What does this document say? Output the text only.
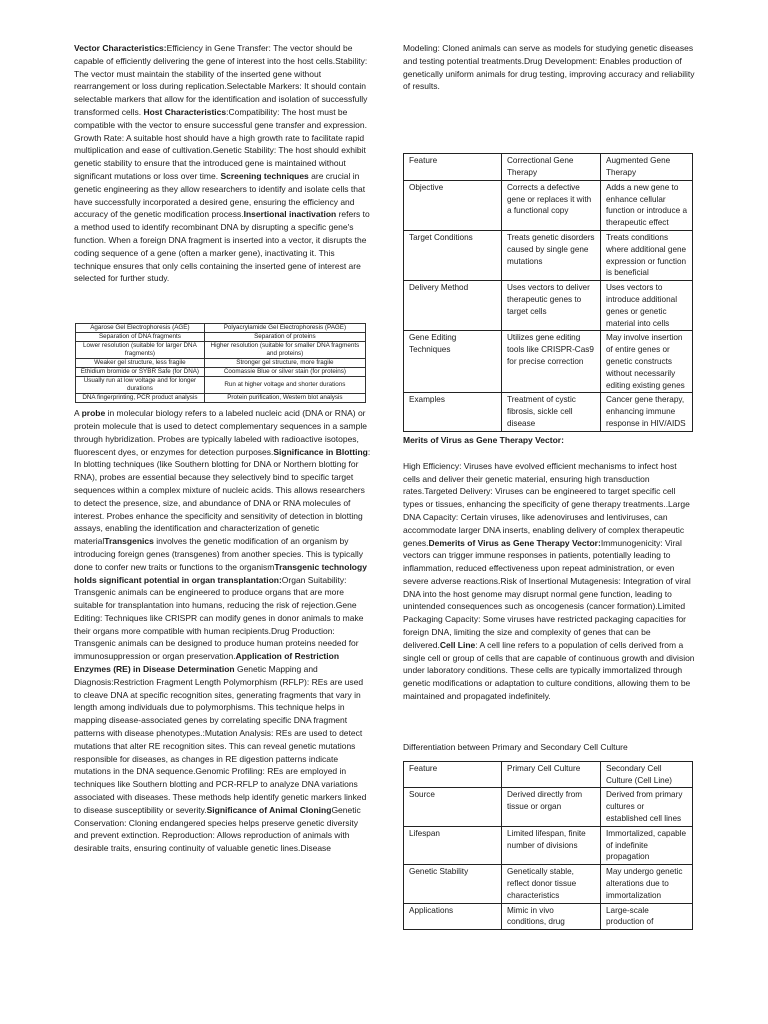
Vector Characteristics:Efficiency in Gene Transfer: The vector should be capable of efficiently delivering the gene of interest into the host cells.Stability: The vector must maintain the stability of the inserted gene without rearrangement or loss during replication.Selectable Markers: It should contain selectable markers that allow for the identification and isolation of successfully transformed cells. Host Characteristics:Compatibility: The host must be compatible with the vector to ensure successful gene transfer and expression. Growth Rate: A suitable host should have a high growth rate to facilitate rapid multiplication and ease of cultivation.Genetic Stability: The host should exhibit genetic stability to ensure that the introduced gene is maintained without significant mutations or loss over time. Screening techniques are crucial in genetic engineering as they allow researchers to identify and isolate cells that have successfully incorporated a desired gene, ensuring the efficiency and accuracy of the genetic modification process.Insertional inactivation refers to a method used to identify recombinant DNA by disrupting a specific gene's function. When a foreign DNA fragment is inserted into a vector, it disrupts the coding sequence of a gene (often a marker gene), inactivating it. This technique ensures that only cells containing the inserted gene of interest are selected for further study.

Agarose Gel Electrophoresis (AGE)	Polyacrylamide Gel Electrophoresis (PAGE)
Separation of DNA fragments	Separation of proteins
Lower resolution (suitable for larger DNA fragments)	Higher resolution (suitable for smaller DNA fragments and proteins)
Weaker gel structure, less fragile	Stronger gel structure, more fragile
Ethidium bromide or SYBR Safe (for DNA)	Coomassie Blue or silver stain (for proteins)
Usually run at low voltage and for longer durations	Run at higher voltage and shorter durations
DNA fingerprinting, PCR product analysis	Protein purification, Western blot analysis

A probe in molecular biology refers to a labeled nucleic acid (DNA or RNA) or protein molecule that is used to detect complementary sequences in a sample through hybridization. Probes are typically labeled with radioactive isotopes, fluorescent dyes, or enzymes for detection purposes.Significance in Blotting: In blotting techniques (like Southern blotting for DNA or Northern blotting for RNA), probes are essential because they selectively bind to specific target sequences within a complex mixture of nucleic acids. This allows researchers to detect the presence, size, and abundance of DNA or RNA molecules of interest. Probes enhance the specificity and sensitivity of detection in blotting assays, enabling the identification and characterization of genetic materialTransgenics involves the genetic modification of an organism by introducing foreign genes (transgenes) from another species. This is typically done to confer new traits or functions to the organismTransgenic technology holds significant potential in organ transplantation:Organ Suitability: Transgenic animals can be engineered to produce organs that are more suitable for transplantation into humans, reducing the risk of rejection.Gene Editing: Techniques like CRISPR can modify genes in donor animals to make their organs more compatible with human recipients.Drug Production: Transgenic animals can be designed to produce human proteins needed for immunosuppression or organ preservation.Application of Restriction Enzymes (RE) in Disease Determination Genetic Mapping and Diagnosis:Restriction Fragment Length Polymorphism (RFLP): REs are used to cleave DNA at specific recognition sites, generating fragments that vary in length among individuals due to polymorphisms. This technique helps in mapping disease-associated genes by correlating specific DNA fragment patterns with disease phenotypes.:Mutation Analysis: REs are used to detect mutations that alter RE recognition sites. This can reveal genetic mutations responsible for diseases, as changes in RE digestion patterns indicate mutations in the DNA sequence.Genomic Profiling: REs are employed in techniques like Southern blotting and PCR-RFLP to analyze DNA variations associated with diseases. These methods help identify genetic markers linked to disease susceptibility or severity.Significance of Animal CloningGenetic Conservation: Cloning endangered species helps preserve genetic diversity and prevent extinction. Reproduction: Allows reproduction of animals with desirable traits, ensuring continuity of valuable genetic lines.Disease

Modeling: Cloned animals can serve as models for studying genetic diseases and testing potential treatments.Drug Development: Enables production of genetically uniform animals for drug testing, improving accuracy and reliability of results.

Feature	Correctional Gene Therapy	Augmented Gene Therapy
Objective	Corrects a defective gene or replaces it with a functional copy	Adds a new gene to enhance cellular function or introduce a therapeutic effect
Target Conditions	Treats genetic disorders caused by single gene mutations	Treats conditions where additional gene expression or function is beneficial
Delivery Method	Uses vectors to deliver therapeutic genes to target cells	Uses vectors to introduce additional genes or genetic material into cells
Gene Editing Techniques	Utilizes gene editing tools like CRISPR-Cas9 for precise correction	May involve insertion of entire genes or genetic constructs without necessarily editing existing genes
Examples	Treatment of cystic fibrosis, sickle cell disease	Cancer gene therapy, enhancing immune response in HIV/AIDS
Merits of Virus as Gene Therapy Vector:

High Efficiency: Viruses have evolved efficient mechanisms to infect host cells and deliver their genetic material, ensuring high transduction rates.Targeted Delivery: Viruses can be engineered to target specific cell types or tissues, enhancing the specificity of gene therapy treatments..Large DNA Capacity: Certain viruses, like adenoviruses and lentiviruses, can accommodate larger DNA inserts, enabling delivery of complex therapeutic genes.Demerits of Virus as Gene Therapy Vector:Immunogenicity: Viral vectors can trigger immune responses in patients, potentially leading to inflammation, reduced effectiveness upon repeat administration, or even severe adverse reactions.Risk of Insertional Mutagenesis: Integration of viral DNA into the host genome may disrupt normal gene function, leading to unintended consequences such as oncogenesis (cancer formation).Limited Packaging Capacity: Some viruses have restricted packaging capacities for foreign DNA, limiting the size and complexity of genes that can be delivered.Cell Line: A cell line refers to a population of cells derived from a single cell or group of cells that are capable of continuous growth and division under laboratory conditions. These cells are typically immortalized through genetic modifications or adaptation to culture conditions, allowing them to be maintained and propagated indefinitely.

Differentiation between Primary and Secondary Cell Culture

Feature	Primary Cell Culture	Secondary Cell Culture (Cell Line)
Source	Derived directly from tissue or organ	Derived from primary cultures or established cell lines
Lifespan	Limited lifespan, finite number of divisions	Immortalized, capable of indefinite propagation
Genetic Stability	Genetically stable, reflect donor tissue characteristics	May undergo genetic alterations due to immortalization
Applications	Mimic in vivo conditions, drug	Large-scale production of
